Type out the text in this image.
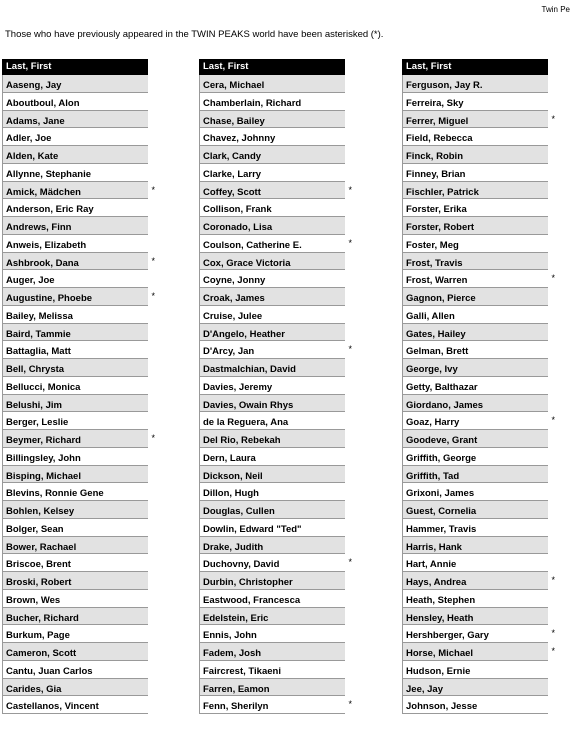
Twin Pe
Those who have previously appeared in the TWIN PEAKS world have been asterisked (*).
Last, First
Aaseng, Jay
Aboutboul, Alon
Adams, Jane
Adler, Joe
Alden, Kate
Allynne, Stephanie
Amick, Mädchen	*
Anderson, Eric Ray
Andrews, Finn
Anweis, Elizabeth
Ashbrook, Dana	*
Auger, Joe
Augustine, Phoebe	*
Bailey, Melissa
Baird, Tammie
Battaglia, Matt
Bell, Chrysta
Bellucci, Monica
Belushi, Jim
Berger, Leslie
Beymer, Richard	*
Billingsley, John
Bisping, Michael
Blevins, Ronnie Gene
Bohlen, Kelsey
Bolger, Sean
Bower, Rachael
Briscoe, Brent
Broski, Robert
Brown, Wes
Bucher, Richard
Burkum, Page
Cameron, Scott
Cantu, Juan Carlos
Carides, Gia
Castellanos, Vincent
Last, First
Cera, Michael
Chamberlain, Richard
Chase, Bailey
Chavez, Johnny
Clark, Candy
Clarke, Larry
Coffey, Scott	*
Collison, Frank
Coronado, Lisa
Coulson, Catherine E.	*
Cox, Grace Victoria
Coyne, Jonny
Croak, James
Cruise, Julee
D'Angelo, Heather
D'Arcy, Jan	*
Dastmalchian, David
Davies, Jeremy
Davies, Owain Rhys
de la Reguera, Ana
Del Rio, Rebekah
Dern, Laura
Dickson, Neil
Dillon, Hugh
Douglas, Cullen
Dowlin, Edward "Ted"
Drake, Judith
Duchovny, David	*
Durbin, Christopher
Eastwood, Francesca
Edelstein, Eric
Ennis, John
Fadem, Josh
Faircrest, Tikaeni
Farren, Eamon
Fenn, Sherilyn	*
Last, First
Ferguson, Jay R.
Ferreira, Sky
Ferrer, Miguel	*
Field, Rebecca
Finck, Robin
Finney, Brian
Fischler, Patrick
Forster, Erika
Forster, Robert
Foster, Meg
Frost, Travis
Frost, Warren	*
Gagnon, Pierce
Galli, Allen
Gates, Hailey
Gelman, Brett
George, Ivy
Getty, Balthazar
Giordano, James
Goaz, Harry	*
Goodeve, Grant
Griffith, George
Griffith, Tad
Grixoni, James
Guest, Cornelia
Hammer, Travis
Harris, Hank
Hart, Annie
Hays, Andrea	*
Heath, Stephen
Hensley, Heath
Hershberger, Gary	*
Horse, Michael	*
Hudson, Ernie
Jee, Jay
Johnson, Jesse
